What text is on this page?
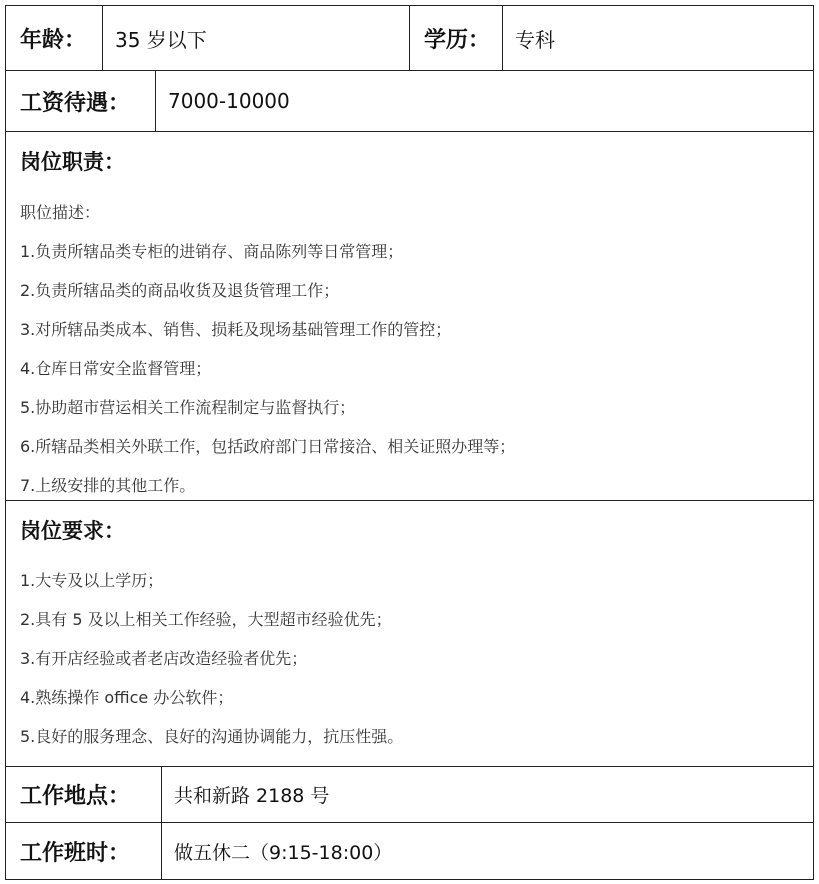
年龄：	35 岁以下	学历：	专科
工资待遇：	7000-10000
岗位职责：
职位描述：
1.负责所辖品类专柜的进销存、商品陈列等日常管理；
2.负责所辖品类的商品收货及退货管理工作；
3.对所辖品类成本、销售、损耗及现场基础管理工作的管控；
4.仓库日常安全监督管理；
5.协助超市营运相关工作流程制定与监督执行；
6.所辖品类相关外联工作，包括政府部门日常接洽、相关证照办理等；
7.上级安排的其他工作。
岗位要求：
1.大专及以上学历；
2.具有 5 及以上相关工作经验，大型超市经验优先；
3.有开店经验或者老店改造经验者优先；
4.熟练操作 office 办公软件；
5.良好的服务理念、良好的沟通协调能力，抗压性强。
工作地点：	共和新路 2188 号
工作班时：	做五休二（9:15-18:00）
